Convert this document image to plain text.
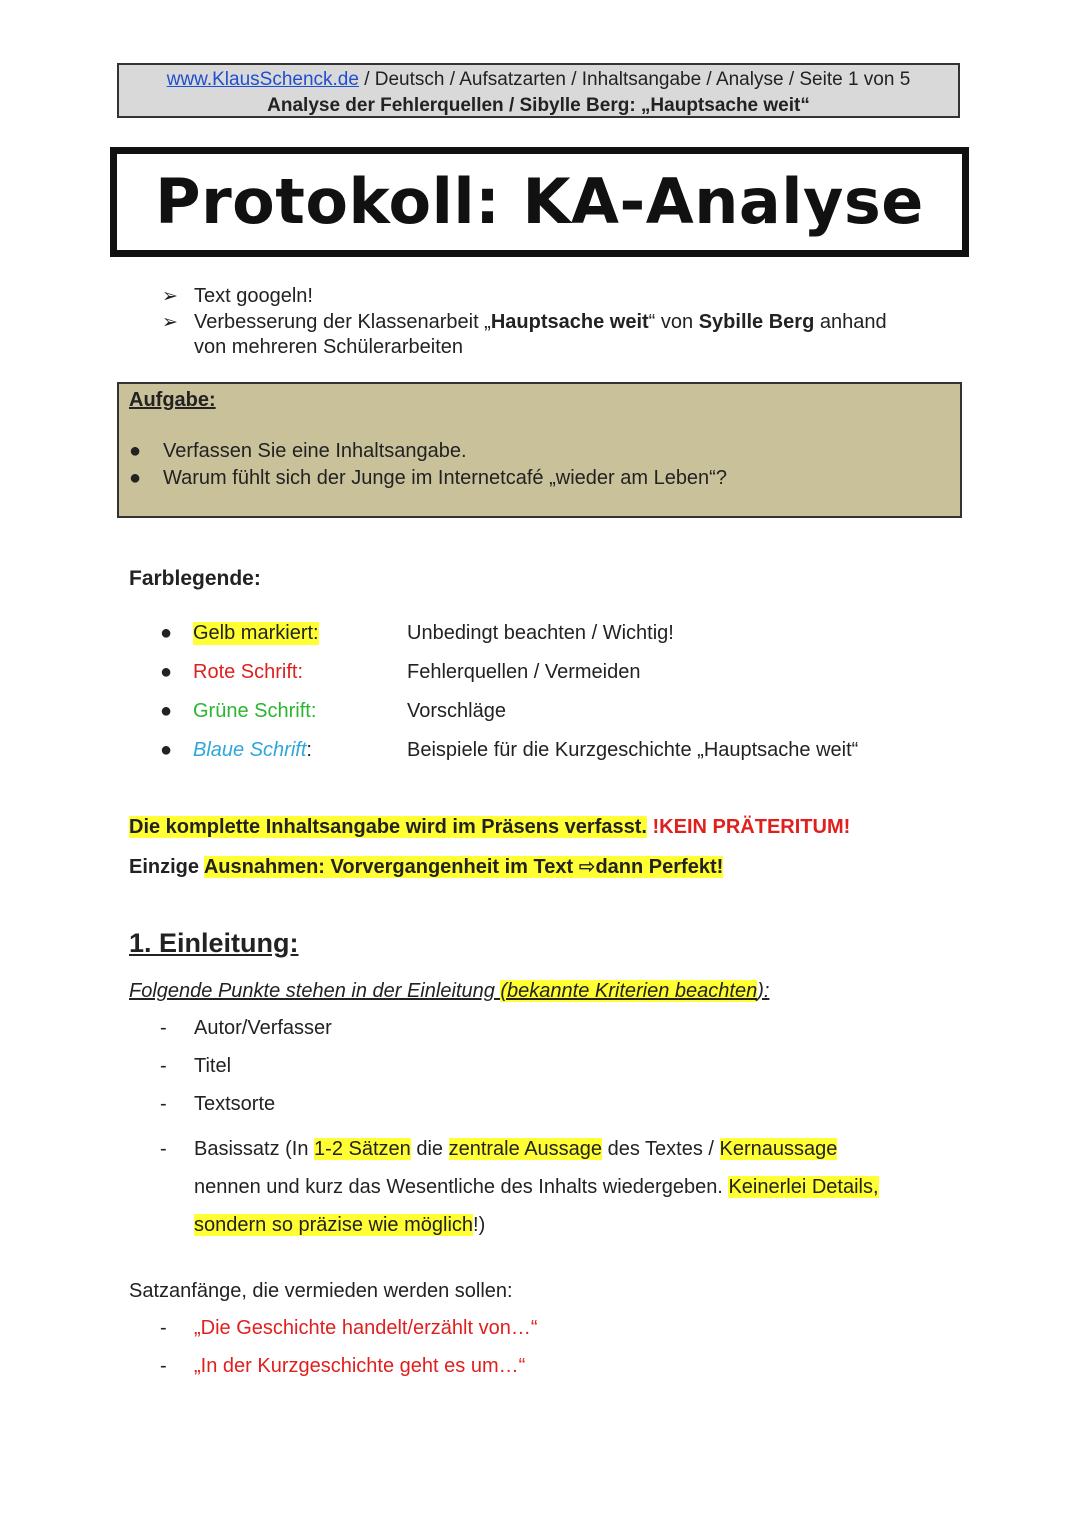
www.KlausSchenck.de / Deutsch / Aufsatzarten / Inhaltsangabe / Analyse / Seite 1 von 5
Analyse der Fehlerquellen / Sibylle Berg: „Hauptsache weit“
Protokoll: KA-Analyse
➢ Text googeln!
➢ Verbesserung der Klassenarbeit „Hauptsache weit“ von Sybille Berg anhand
von mehreren Schülerarbeiten
Aufgabe:
● Verfassen Sie eine Inhaltsangabe.
● Warum fühlt sich der Junge im Internetcafé „wieder am Leben“?
Farblegende:
● Gelb markiert:	Unbedingt beachten / Wichtig!
● Rote Schrift:	Fehlerquellen / Vermeiden
● Grüne Schrift:	Vorschläge
● Blaue Schrift:	Beispiele für die Kurzgeschichte „Hauptsache weit“
Die komplette Inhaltsangabe wird im Präsens verfasst. !KEIN PRÄTERITUM!
Einzige Ausnahmen: Vorvergangenheit im Text ⇨dann Perfekt!
1. Einleitung:
Folgende Punkte stehen in der Einleitung (bekannte Kriterien beachten):
- Autor/Verfasser
- Titel
- Textsorte
- Basissatz (In 1-2 Sätzen die zentrale Aussage des Textes / Kernaussage
nennen und kurz das Wesentliche des Inhalts wiedergeben. Keinerlei Details,
sondern so präzise wie möglich!)
Satzanfänge, die vermieden werden sollen:
- „Die Geschichte handelt/erzählt von…“
- „In der Kurzgeschichte geht es um…“
